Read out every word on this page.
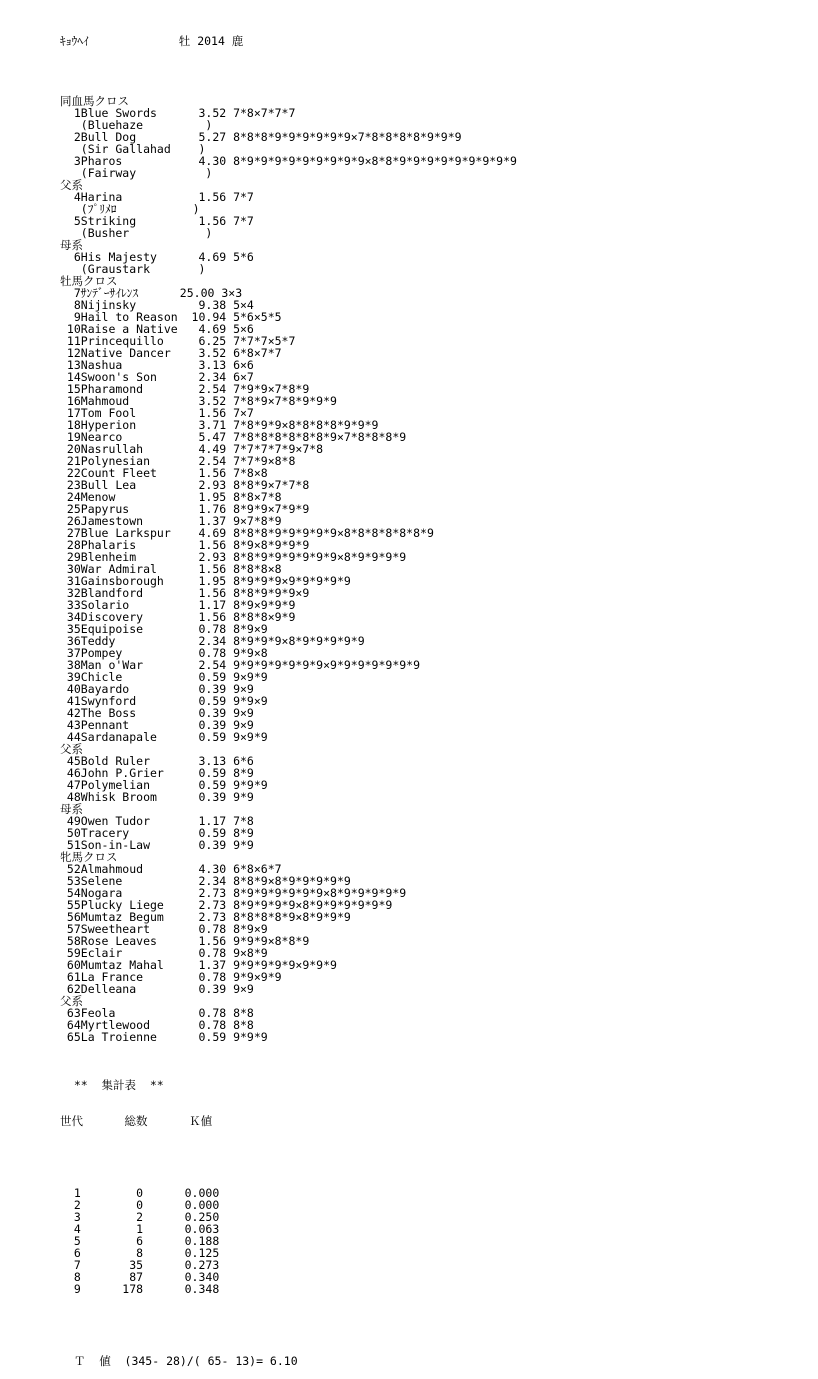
ｷｮｳﾍｲ	牡 2014 鹿

同血馬クロス
1Blue Swords      3.52 7*8×7*7*7
(Bluehaze         )
2Bull Dog         5.27 8*8*8*9*9*9*9*9*9×7*8*8*8*8*9*9*9
(Sir Gallahad    )
3Pharos           4.30 8*9*9*9*9*9*9*9*9*9×8*8*9*9*9*9*9*9*9*9*9
(Fairway          )
父系
4Harina           1.56 7*7
(ﾌﾟﾘﾒﾛ           )
5Striking         1.56 7*7
(Busher           )
母系
6His Majesty      4.69 5*6
(Graustark       )
牡馬クロス
7ｻﾝﾃﾞｰｻｲﾚﾝｽ      25.00 3×3
8Nijinsky         9.38 5×4
9Hail to Reason  10.94 5*6×5*5
10Raise a Native   4.69 5×6
11Princequillo     6.25 7*7*7×5*7
12Native Dancer    3.52 6*8×7*7
13Nashua           3.13 6×6
14Swoon's Son      2.34 6×7
15Pharamond        2.54 7*9*9×7*8*9
16Mahmoud          3.52 7*8*9×7*8*9*9*9
17Tom Fool         1.56 7×7
18Hyperion         3.71 7*8*9*9×8*8*8*8*9*9*9
19Nearco           5.47 7*8*8*8*8*8*8*9×7*8*8*8*9
20Nasrullah        4.49 7*7*7*7*9×7*8
21Polynesian       2.54 7*7*9×8*8
22Count Fleet      1.56 7*8×8
23Bull Lea         2.93 8*8*9×7*7*8
24Menow            1.95 8*8×7*8
25Papyrus          1.76 8*9*9×7*9*9
26Jamestown        1.37 9×7*8*9
27Blue Larkspur    4.69 8*8*8*9*9*9*9*9×8*8*8*8*8*8*9
28Phalaris         1.56 8*9×8*9*9*9
29Blenheim         2.93 8*8*9*9*9*9*9*9×8*9*9*9*9
30War Admiral      1.56 8*8*8×8
31Gainsborough     1.95 8*9*9*9×9*9*9*9*9
32Blandford        1.56 8*8*9*9*9×9
33Solario          1.17 8*9×9*9*9
34Discovery        1.56 8*8*8×9*9
35Equipoise        0.78 8*9×9
36Teddy            2.34 8*9*9*9×8*9*9*9*9*9
37Pompey           0.78 9*9×8
38Man o'War        2.54 9*9*9*9*9*9*9×9*9*9*9*9*9*9
39Chicle           0.59 9×9*9
40Bayardo          0.39 9×9
41Swynford         0.59 9*9×9
42The Boss         0.39 9×9
43Pennant          0.39 9×9
44Sardanapale      0.59 9×9*9
父系
45Bold Ruler       3.13 6*6
46John P.Grier     0.59 8*9
47Polymelian       0.59 9*9*9
48Whisk Broom      0.39 9*9
母系
49Owen Tudor       1.17 7*8
50Tracery          0.59 8*9
51Son-in-Law       0.39 9*9
牝馬クロス
52Almahmoud        4.30 6*8×6*7
53Selene           2.34 8*8*9×8*9*9*9*9*9
54Nogara           2.73 8*9*9*9*9*9*9×8*9*9*9*9*9
55Plucky Liege     2.73 8*9*9*9*9×8*9*9*9*9*9*9
56Mumtaz Begum     2.73 8*8*8*8*9×8*9*9*9
57Sweetheart       0.78 8*9×9
58Rose Leaves      1.56 9*9*9×8*8*9
59Eclair           0.78 9×8*9
60Mumtaz Mahal     1.37 9*9*9*9*9×9*9*9
61La France        0.78 9*9×9*9
62Delleana         0.39 9×9
父系
63Feola            0.78 8*8
64Myrtlewood       0.78 8*8
65La Troienne      0.59 9*9*9

**  集計表  **

世代      総数      Ｋ値

1        0      0.000
2        0      0.000
3        2      0.250
4        1      0.063
5        6      0.188
6        8      0.125
7       35      0.273
8       87      0.340
9      178      0.348

Ｔ  値  (345- 28)/( 65- 13)= 6.10
